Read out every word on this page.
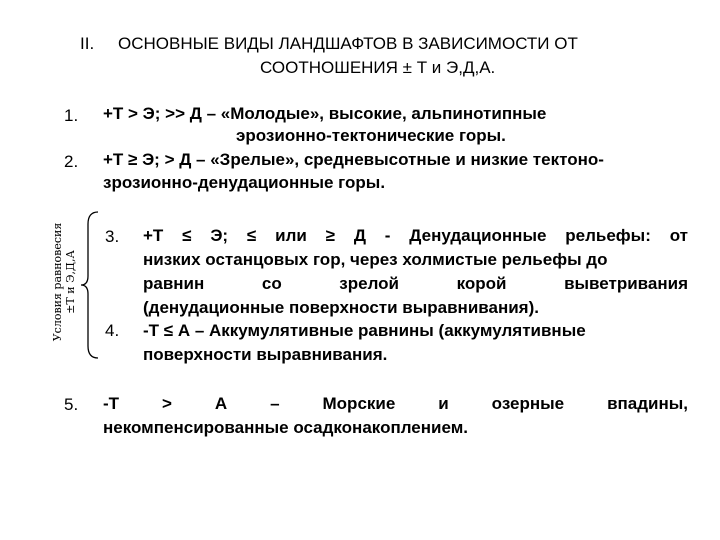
II. ОСНОВНЫЕ ВИДЫ ЛАНДШАФТОВ В ЗАВИСИМОСТИ ОТ
СООТНОШЕНИЯ ± Т и Э,Д,А.
1. +Т > Э; >> Д – «Молодые», высокие, альпинотипные
эрозионно-тектонические горы.
2. +Т ≥ Э; > Д – «Зрелые», средневысотные и низкие тектоно-
зрозионно-денудационные горы.
Условия равновесия ±Т и Э,Д,А
3. +Т ≤ Э; ≤ или ≥ Д - Денудационные рельефы: от
низких останцовых гор, через холмистые рельефы до
равнин со зрелой корой выветривания
(денудационные поверхности выравнивания).
4. -Т ≤ А – Аккумулятивные равнины (аккумулятивные
поверхности выравнивания.
5. -Т > А – Морские и озерные впадины,
некомпенсированные осадконакоплением.
